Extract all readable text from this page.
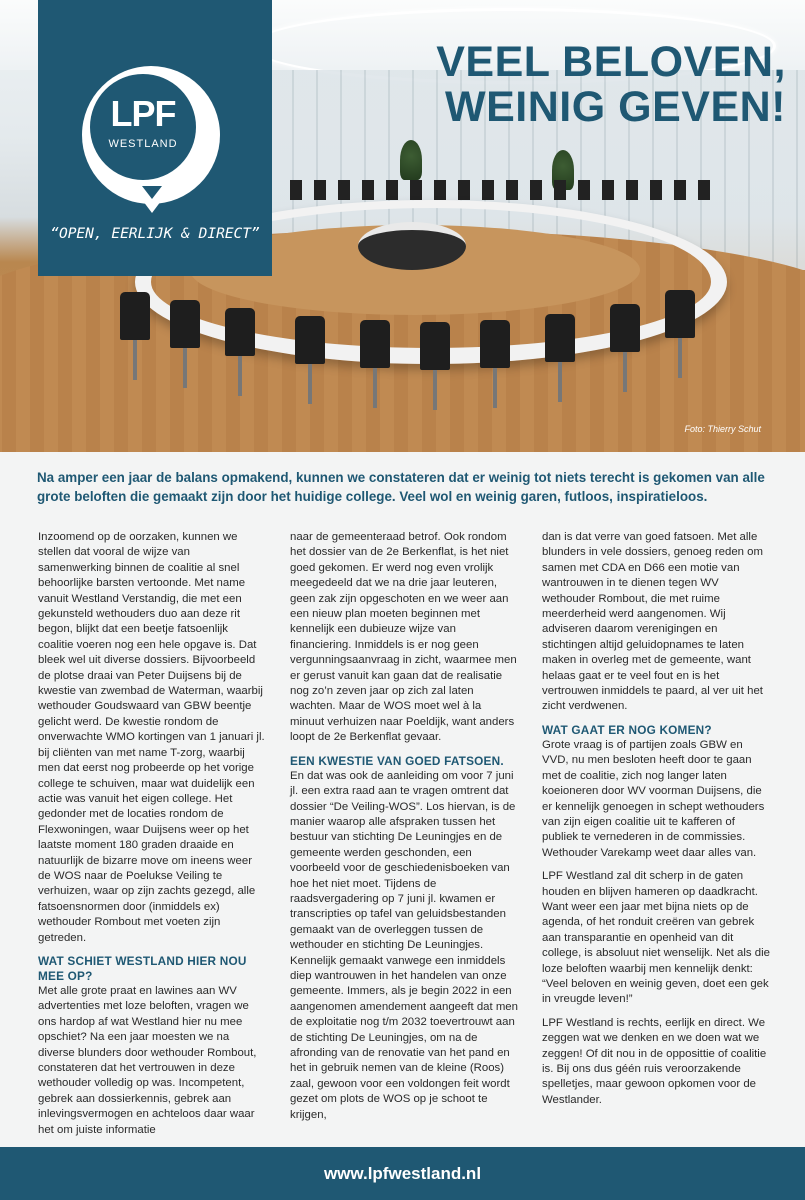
Foto: Thierry Schut
LPF
WESTLAND
“OPEN, EERLIJK & DIRECT”
VEEL BELOVEN,
WEINIG GEVEN!
Na amper een jaar de balans opmakend, kunnen we constateren dat er weinig tot niets terecht is gekomen van alle grote beloften die gemaakt zijn door het huidige college. Veel wol en weinig garen, futloos, inspiratieloos.

Inzoomend op de oorzaken, kunnen we stellen dat vooral de wijze van samenwerking binnen de coalitie al snel behoorlijke barsten vertoonde. Met name vanuit Westland Verstandig, die met een gekunsteld wethouders duo aan deze rit begon, blijkt dat een beetje fatsoenlijk coalitie voeren nog een hele opgave is. Dat bleek wel uit diverse dossiers. Bijvoorbeeld de plotse draai van Peter Duijsens bij de kwestie van zwembad de Waterman, waarbij wethouder Goudswaard van GBW beentje gelicht werd. De kwestie rondom de onverwachte WMO kortingen van 1 januari jl. bij cliënten van met name T-zorg, waarbij men dat eerst nog probeerde op het vorige college te schuiven, maar wat duidelijk een actie was vanuit het eigen college. Het gedonder met de locaties rondom de Flexwoningen, waar Duijsens weer op het laatste moment 180 graden draaide en natuurlijk de bizarre move om ineens weer de WOS naar de Poelukse Veiling te verhuizen, waar op zijn zachts gezegd, alle fatsoensnormen door (inmiddels ex) wethouder Rombout met voeten zijn getreden.

WAT SCHIET WESTLAND HIER NOU MEE OP?

Met alle grote praat en lawines aan WV advertenties met loze beloften, vragen we ons hardop af wat Westland hier nu mee opschiet? Na een jaar moesten we na diverse blunders door wethouder Rombout, constateren dat het vertrouwen in deze wethouder volledig op was. Incompetent, gebrek aan dossierkennis, gebrek aan inlevingsvermogen en achteloos daar waar het om juiste informatie

naar de gemeenteraad betrof. Ook rondom het dossier van de 2e Berkenflat, is het niet goed gekomen. Er werd nog even vrolijk meegedeeld dat we na drie jaar leuteren, geen zak zijn opgeschoten en we weer aan een nieuw plan moeten beginnen met kennelijk een dubieuze wijze van financiering. Inmiddels is er nog geen vergunningsaanvraag in zicht, waarmee men er gerust vanuit kan gaan dat de realisatie nog zo’n zeven jaar op zich zal laten wachten. Maar de WOS moet wel à la minuut verhuizen naar Poeldijk, want anders loopt de 2e Berkenflat gevaar.

EEN KWESTIE VAN GOED FATSOEN.

En dat was ook de aanleiding om voor 7 juni jl. een extra raad aan te vragen omtrent dat dossier “De Veiling-WOS”. Los hiervan, is de manier waarop alle afspraken tussen het bestuur van stichting De Leuningjes en de gemeente werden geschonden, een voorbeeld voor de geschiedenisboeken van hoe het niet moet. Tijdens de raadsvergadering op 7 juni jl. kwamen er transcripties op tafel van geluidsbestanden gemaakt van de overleggen tussen de wethouder en stichting De Leuningjes. Kennelijk gemaakt vanwege een inmiddels diep wantrouwen in het handelen van onze gemeente. Immers, als je begin 2022 in een aangenomen amendement aangeeft dat men de exploitatie nog t/m 2032 toevertrouwt aan de stichting De Leuningjes, om na de afronding van de renovatie van het pand en het in gebruik nemen van de kleine (Roos) zaal, gewoon voor een voldongen feit wordt gezet om plots de WOS op je schoot te krijgen,

dan is dat verre van goed fatsoen. Met alle blunders in vele dossiers, genoeg reden om samen met CDA en D66 een motie van wantrouwen in te dienen tegen WV wethouder Rombout, die met ruime meerderheid werd aangenomen. Wij adviseren daarom verenigingen en stichtingen altijd geluidopnames te laten maken in overleg met de gemeente, want helaas gaat er te veel fout en is het vertrouwen inmiddels te paard, al ver uit het zicht verdwenen.

WAT GAAT ER NOG KOMEN?

Grote vraag is of partijen zoals GBW en VVD, nu men besloten heeft door te gaan met de coalitie, zich nog langer laten koeioneren door WV voorman Duijsens, die er kennelijk genoegen in schept wethouders van zijn eigen coalitie uit te kafferen of publiek te vernederen in de commissies. Wethouder Varekamp weet daar alles van.

LPF Westland zal dit scherp in de gaten houden en blijven hameren op daadkracht. Want weer een jaar met bijna niets op de agenda, of het ronduit creëren van gebrek aan transparantie en openheid van dit college, is absoluut niet wenselijk. Net als die loze beloften waarbij men kennelijk denkt: “Veel beloven en weinig geven, doet een gek in vreugde leven!”

LPF Westland is rechts, eerlijk en direct. We zeggen wat we denken en we doen wat we zeggen! Of dit nou in de opposittie of coalitie is. Bij ons dus géén ruis veroorzakende spelletjes, maar gewoon opkomen voor de Westlander.

www.lpfwestland.nl
